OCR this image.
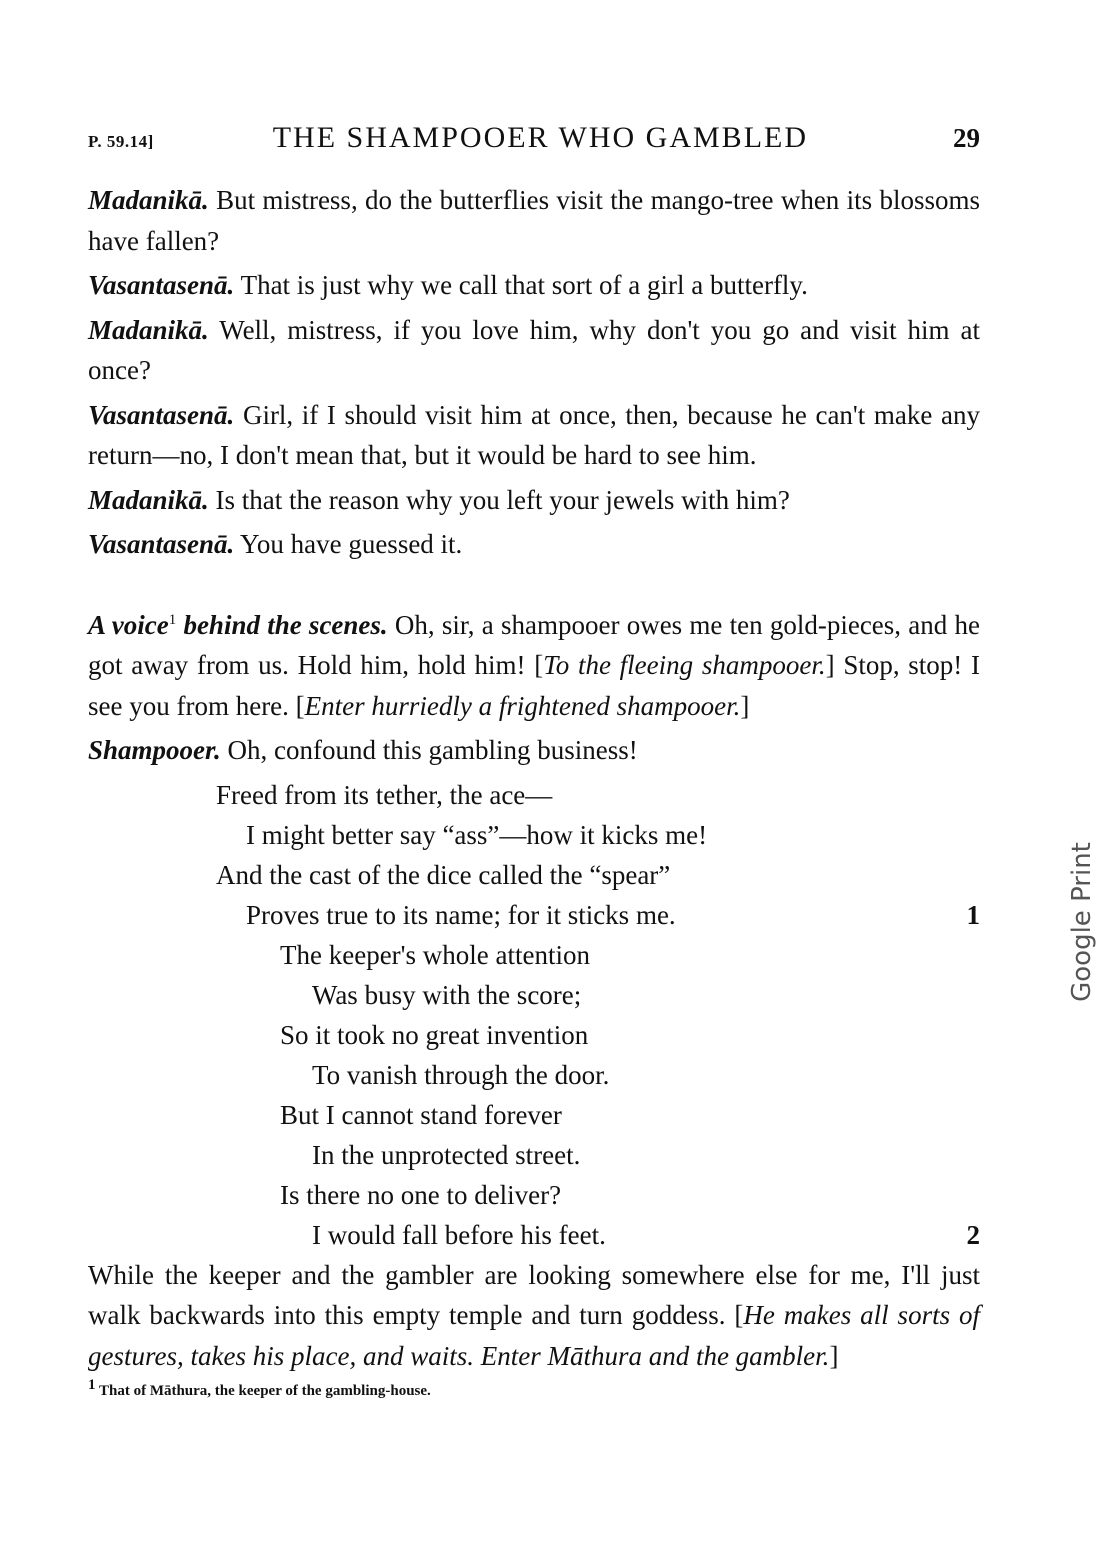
P. 59.14]	THE SHAMPOOER WHO GAMBLED	29

Madanikā. But mistress, do the butterflies visit the mango-tree when its blossoms have fallen?

Vasantasenā. That is just why we call that sort of a girl a butterfly.

Madanikā. Well, mistress, if you love him, why don't you go and visit him at once?

Vasantasenā. Girl, if I should visit him at once, then, because he can't make any return—no, I don't mean that, but it would be hard to see him.

Madanikā. Is that the reason why you left your jewels with him?

Vasantasenā. You have guessed it.

A voice$^1$ behind the scenes. Oh, sir, a shampooer owes me ten gold-pieces, and he got away from us. Hold him, hold him! [To the fleeing shampooer.] Stop, stop! I see you from here. [Enter hurriedly a frightened shampooer.]

Shampooer. Oh, confound this gambling business!

Freed from its tether, the ace—
I might better say “ass”—how it kicks me!
And the cast of the dice called the “spear”
Proves true to its name; for it sticks me.	1
The keeper's whole attention
Was busy with the score;
So it took no great invention
To vanish through the door.
But I cannot stand forever
In the unprotected street.
Is there no one to deliver?
I would fall before his feet.	2

While the keeper and the gambler are looking somewhere else for me, I'll just walk backwards into this empty temple and turn goddess. [He makes all sorts of gestures, takes his place, and waits. Enter Māthura and the gambler.]

$^1$ That of Māthura, the keeper of the gambling-house.
Google Print
